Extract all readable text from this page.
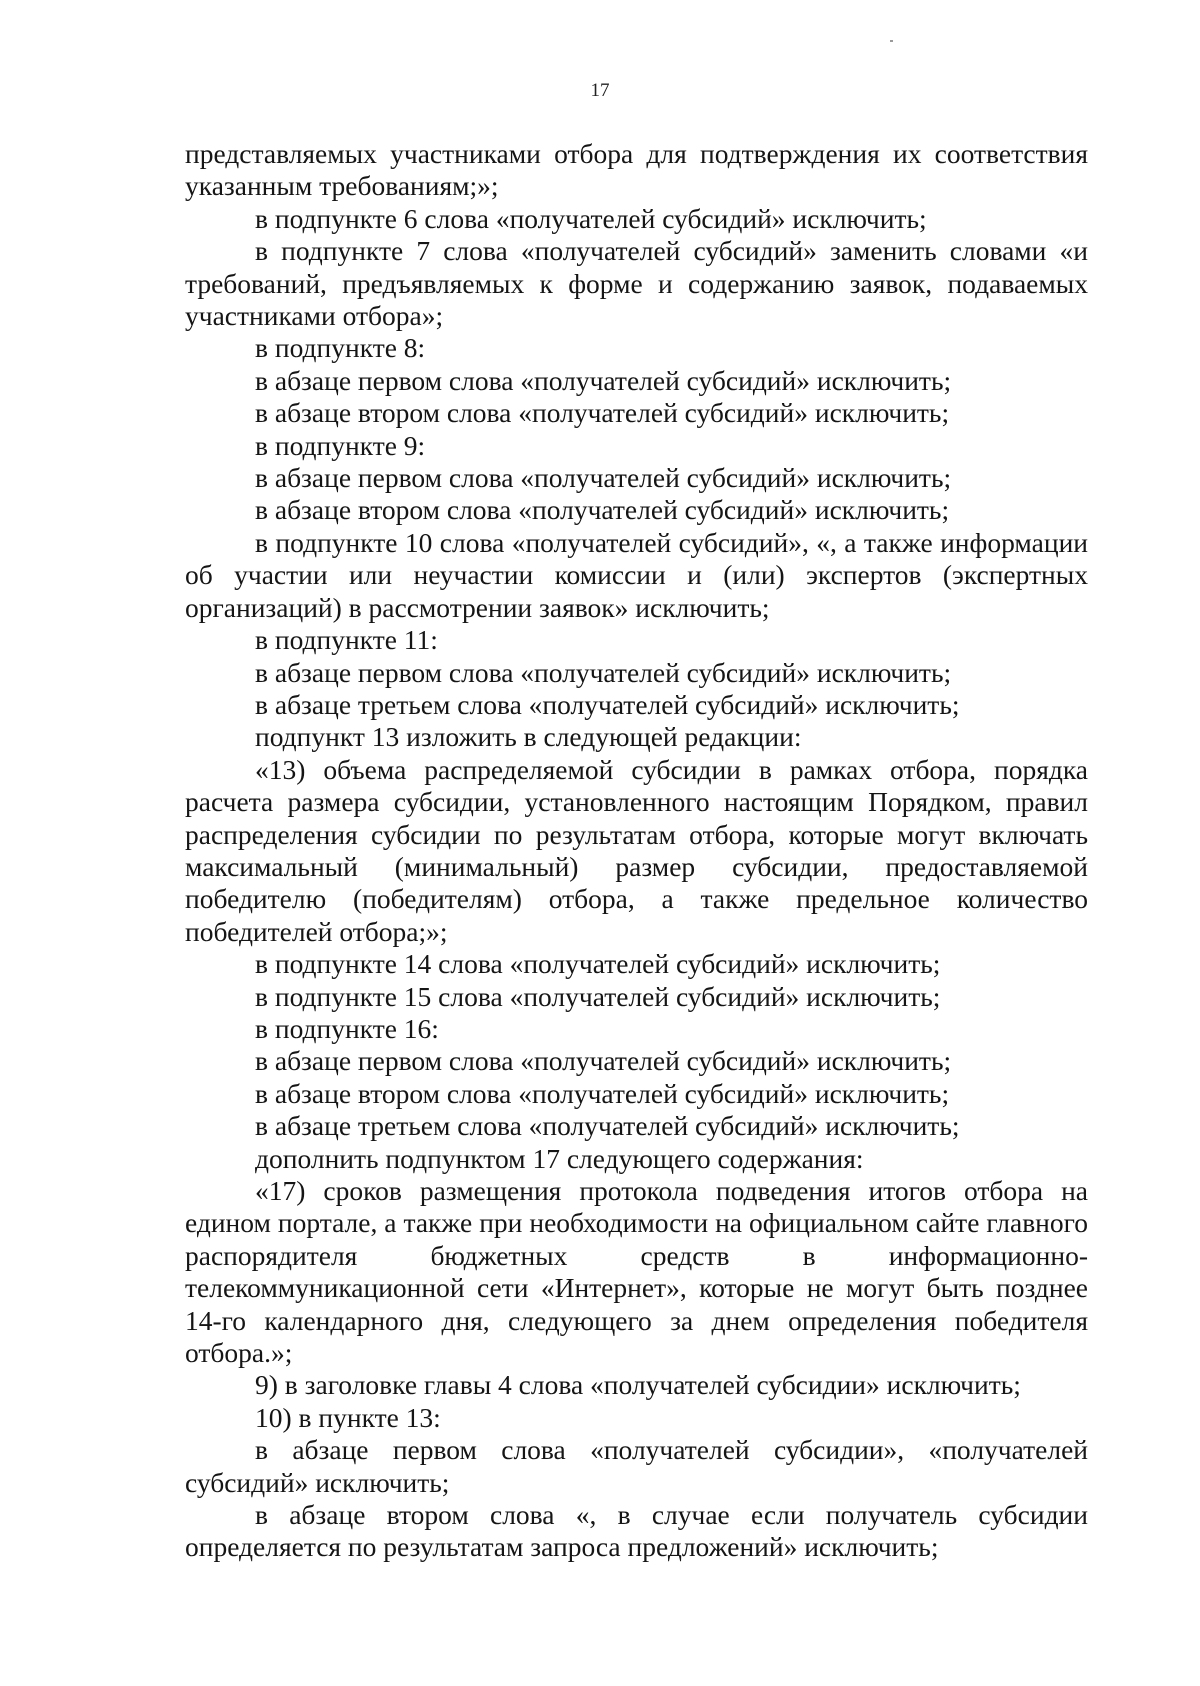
17

представляемых участниками отбора для подтверждения их соответствия указанным требованиям;»;

в подпункте 6 слова «получателей субсидий» исключить;

в подпункте 7 слова «получателей субсидий» заменить словами «и требований, предъявляемых к форме и содержанию заявок, подаваемых участниками отбора»;

в подпункте 8:

в абзаце первом слова «получателей субсидий» исключить;

в абзаце втором слова «получателей субсидий» исключить;

в подпункте 9:

в абзаце первом слова «получателей субсидий» исключить;

в абзаце втором слова «получателей субсидий» исключить;

в подпункте 10 слова «получателей субсидий», «, а также информации об участии или неучастии комиссии и (или) экспертов (экспертных организаций) в рассмотрении заявок» исключить;

в подпункте 11:

в абзаце первом слова «получателей субсидий» исключить;

в абзаце третьем слова «получателей субсидий» исключить;

подпункт 13 изложить в следующей редакции:

«13) объема распределяемой субсидии в рамках отбора, порядка расчета размера субсидии, установленного настоящим Порядком, правил распределения субсидии по результатам отбора, которые могут включать максимальный (минимальный) размер субсидии, предоставляемой победителю (победителям) отбора, а также предельное количество победителей отбора;»;

в подпункте 14 слова «получателей субсидий» исключить;

в подпункте 15 слова «получателей субсидий» исключить;

в подпункте 16:

в абзаце первом слова «получателей субсидий» исключить;

в абзаце втором слова «получателей субсидий» исключить;

в абзаце третьем слова «получателей субсидий» исключить;

дополнить подпунктом 17 следующего содержания:

«17) сроков размещения протокола подведения итогов отбора на едином портале, а также при необходимости на официальном сайте главного распорядителя бюджетных средств в информационно-телекоммуникационной сети «Интернет», которые не могут быть позднее 14-го календарного дня, следующего за днем определения победителя отбора.»;

9) в заголовке главы 4 слова «получателей субсидии» исключить;

10) в пункте 13:

в абзаце первом слова «получателей субсидии», «получателей субсидий» исключить;

в абзаце втором слова «, в случае если получатель субсидии определяется по результатам запроса предложений» исключить;
